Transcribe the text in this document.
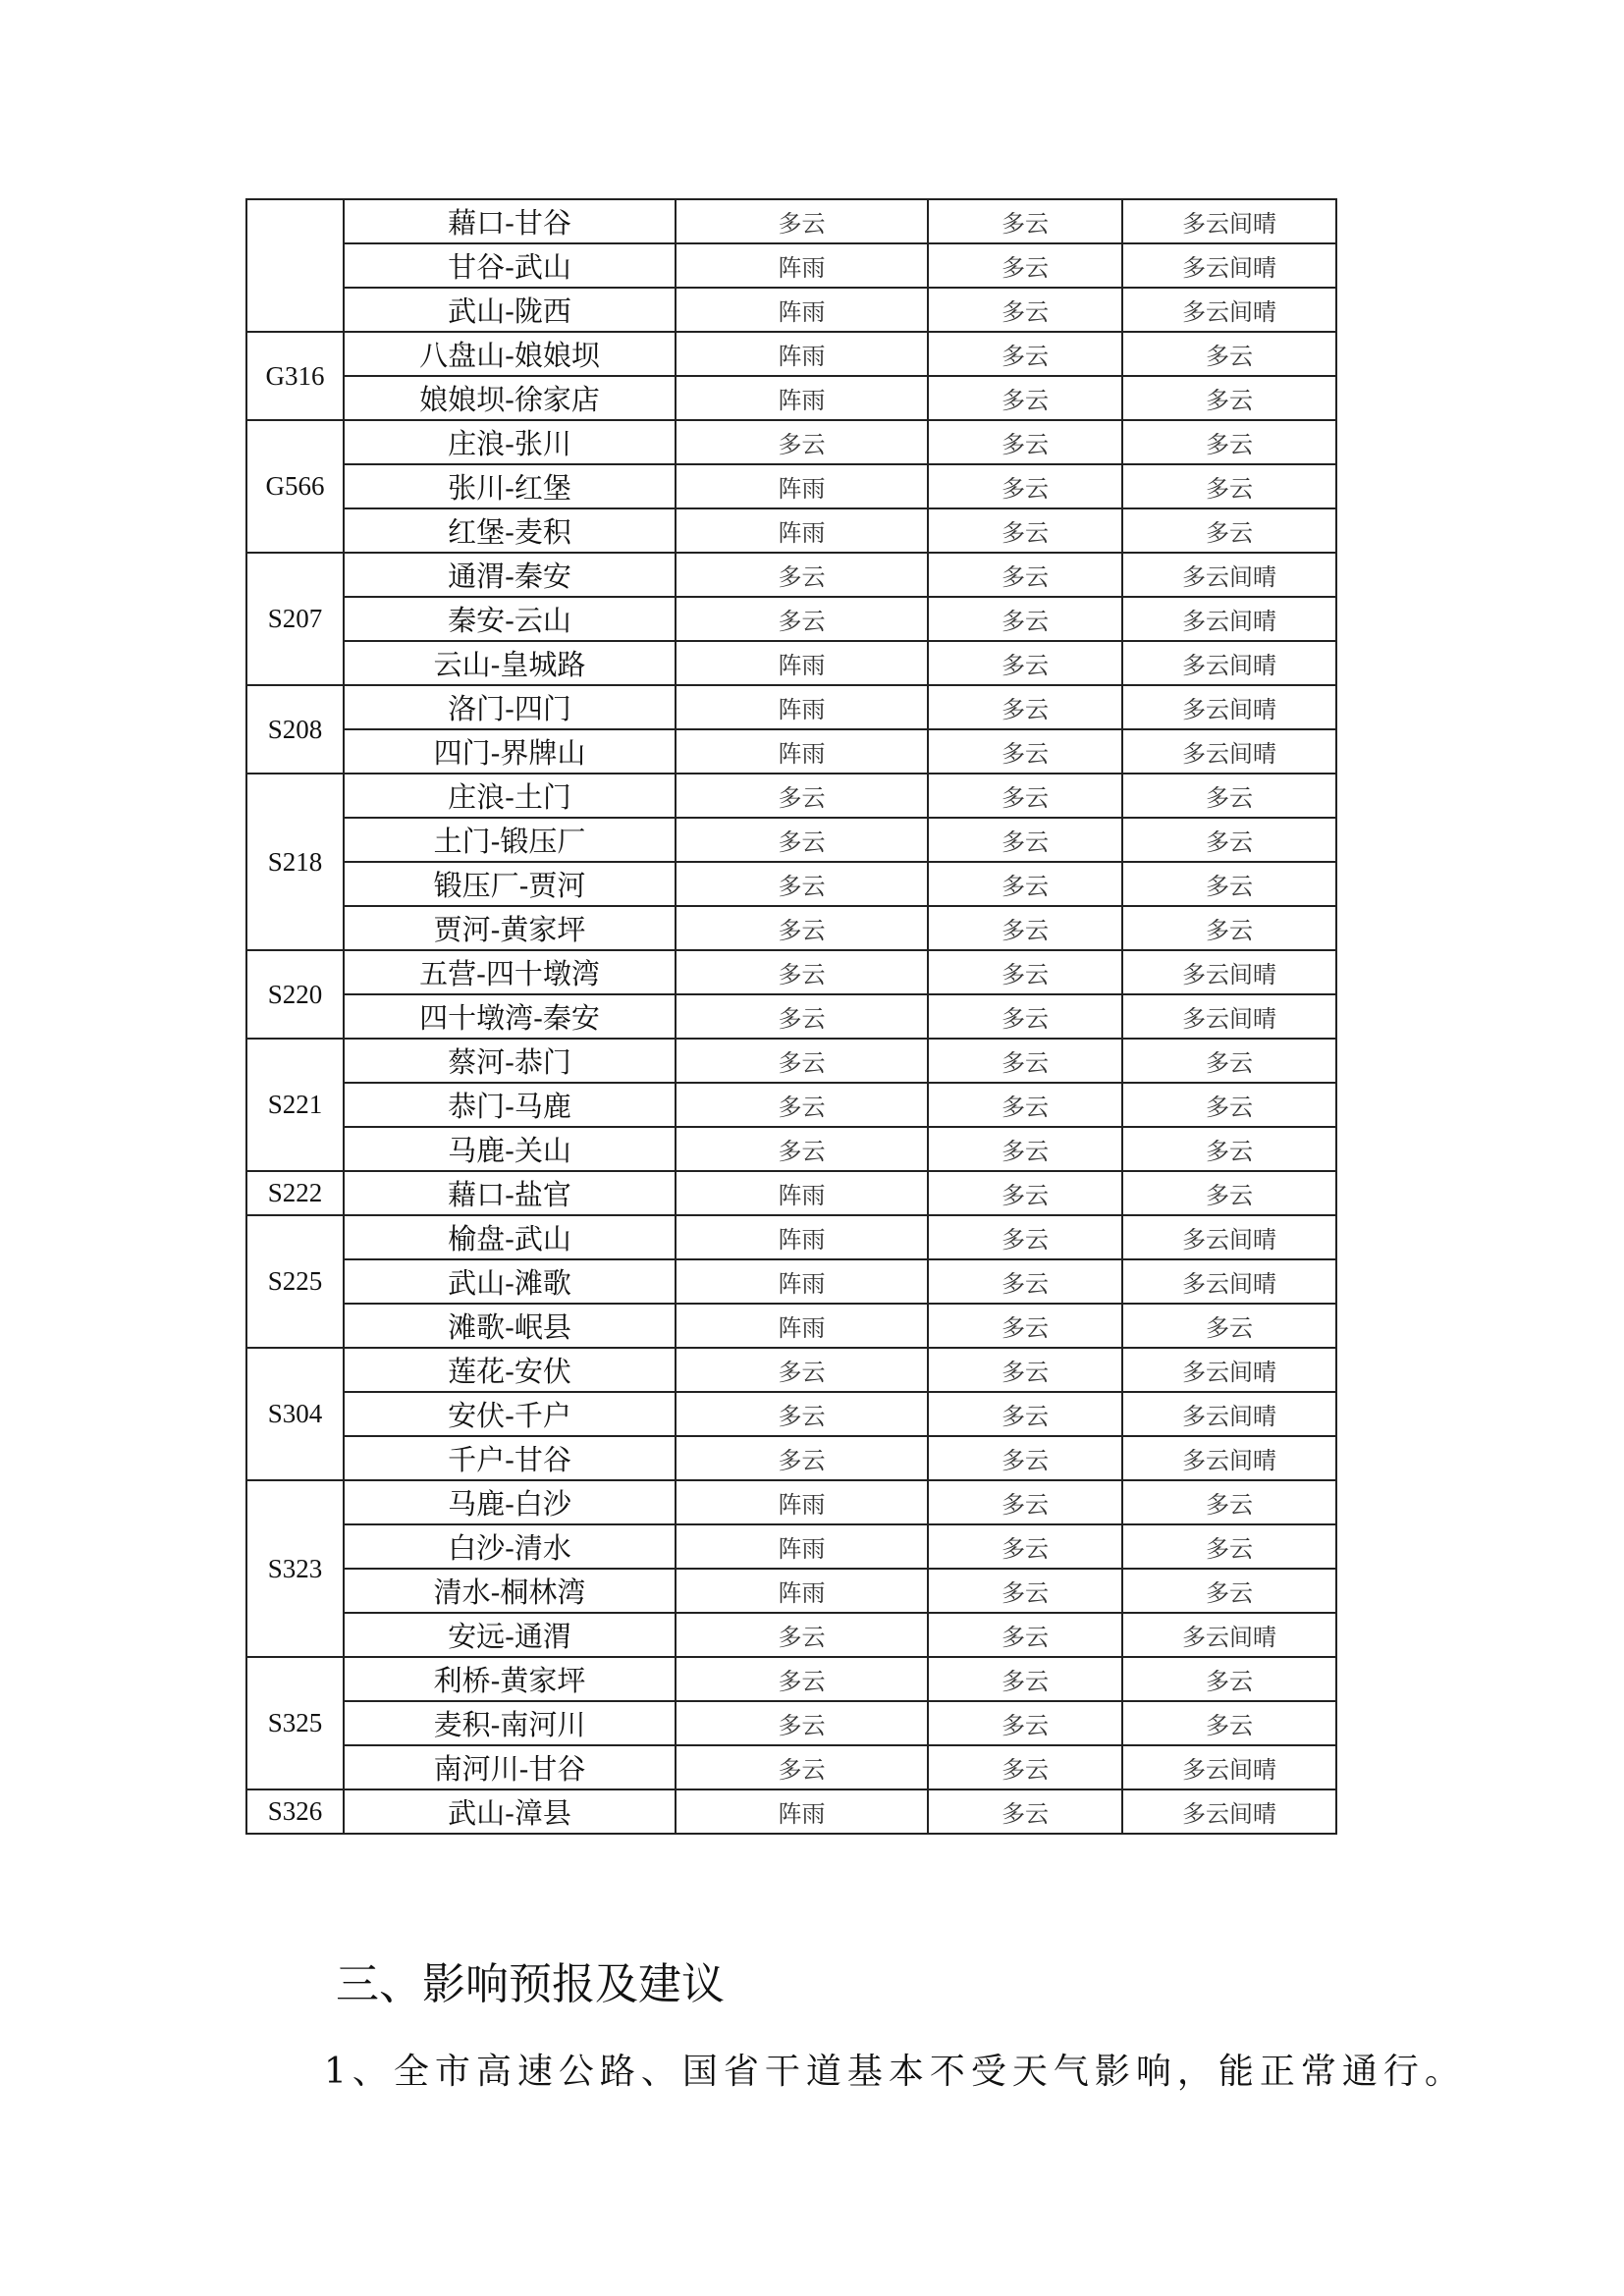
	藉口-甘谷	多云	多云	多云间晴
	甘谷-武山	阵雨	多云	多云间晴
	武山-陇西	阵雨	多云	多云间晴
G316	八盘山-娘娘坝	阵雨	多云	多云
	娘娘坝-徐家店	阵雨	多云	多云
G566	庄浪-张川	多云	多云	多云
	张川-红堡	阵雨	多云	多云
	红堡-麦积	阵雨	多云	多云
S207	通渭-秦安	多云	多云	多云间晴
	秦安-云山	多云	多云	多云间晴
	云山-皇城路	阵雨	多云	多云间晴
S208	洛门-四门	阵雨	多云	多云间晴
	四门-界牌山	阵雨	多云	多云间晴
S218	庄浪-土门	多云	多云	多云
	土门-锻压厂	多云	多云	多云
	锻压厂-贾河	多云	多云	多云
	贾河-黄家坪	多云	多云	多云
S220	五营-四十墩湾	多云	多云	多云间晴
	四十墩湾-秦安	多云	多云	多云间晴
S221	蔡河-恭门	多云	多云	多云
	恭门-马鹿	多云	多云	多云
	马鹿-关山	多云	多云	多云
S222	藉口-盐官	阵雨	多云	多云
S225	榆盘-武山	阵雨	多云	多云间晴
	武山-滩歌	阵雨	多云	多云间晴
	滩歌-岷县	阵雨	多云	多云
S304	莲花-安伏	多云	多云	多云间晴
	安伏-千户	多云	多云	多云间晴
	千户-甘谷	多云	多云	多云间晴
S323	马鹿-白沙	阵雨	多云	多云
	白沙-清水	阵雨	多云	多云
	清水-桐林湾	阵雨	多云	多云
	安远-通渭	多云	多云	多云间晴
S325	利桥-黄家坪	多云	多云	多云
	麦积-南河川	多云	多云	多云
	南河川-甘谷	多云	多云	多云间晴
S326	武山-漳县	阵雨	多云	多云间晴
三、影响预报及建议
1、全市高速公路、国省干道基本不受天气影响，能正常通行。
